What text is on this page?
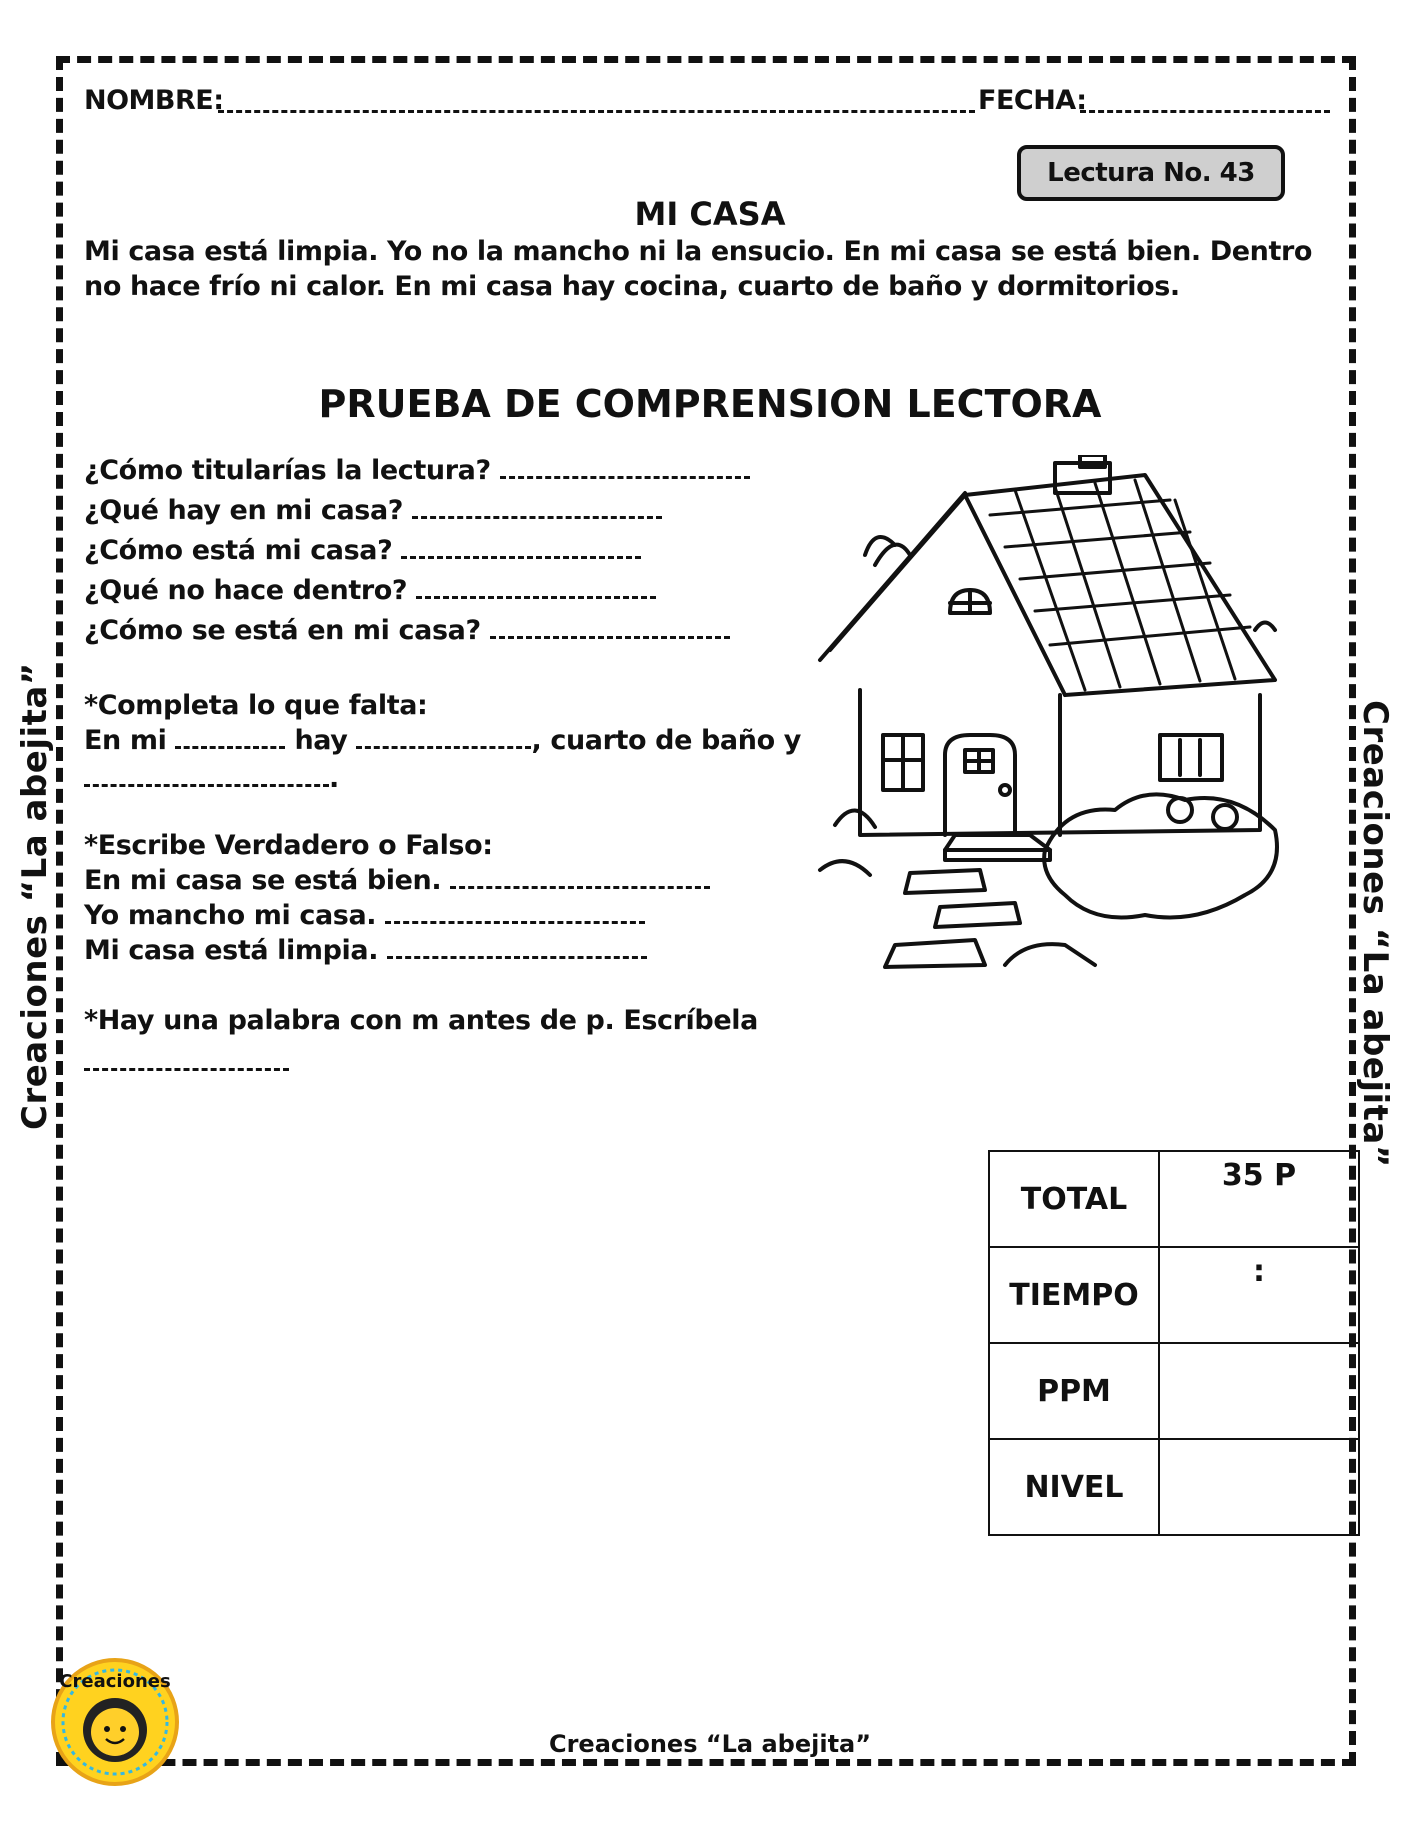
NOMBRE:	FECHA:
Lectura No. 43
MI CASA
Mi casa está limpia. Yo no la mancho ni la ensucio. En mi casa se está bien. Dentro no hace frío ni calor. En mi casa hay cocina, cuarto de baño y dormitorios.
PRUEBA DE COMPRENSION LECTORA
¿Cómo titularías la lectura?
¿Qué hay en mi casa?
¿Cómo está mi casa?
¿Qué no hace dentro?
¿Cómo se está en mi casa?
*Completa lo que falta:
En mi	hay	, cuarto de baño y
.
*Escribe Verdadero o Falso:
En mi casa se está bien.
Yo mancho mi casa.
Mi casa está limpia.
*Hay una palabra con m antes de p. Escríbela
TOTAL	35 P
TIEMPO	:
PPM	
NIVEL	
Creaciones “La abejita”	Creaciones “La abejita”
Creaciones
Creaciones “La abejita”
